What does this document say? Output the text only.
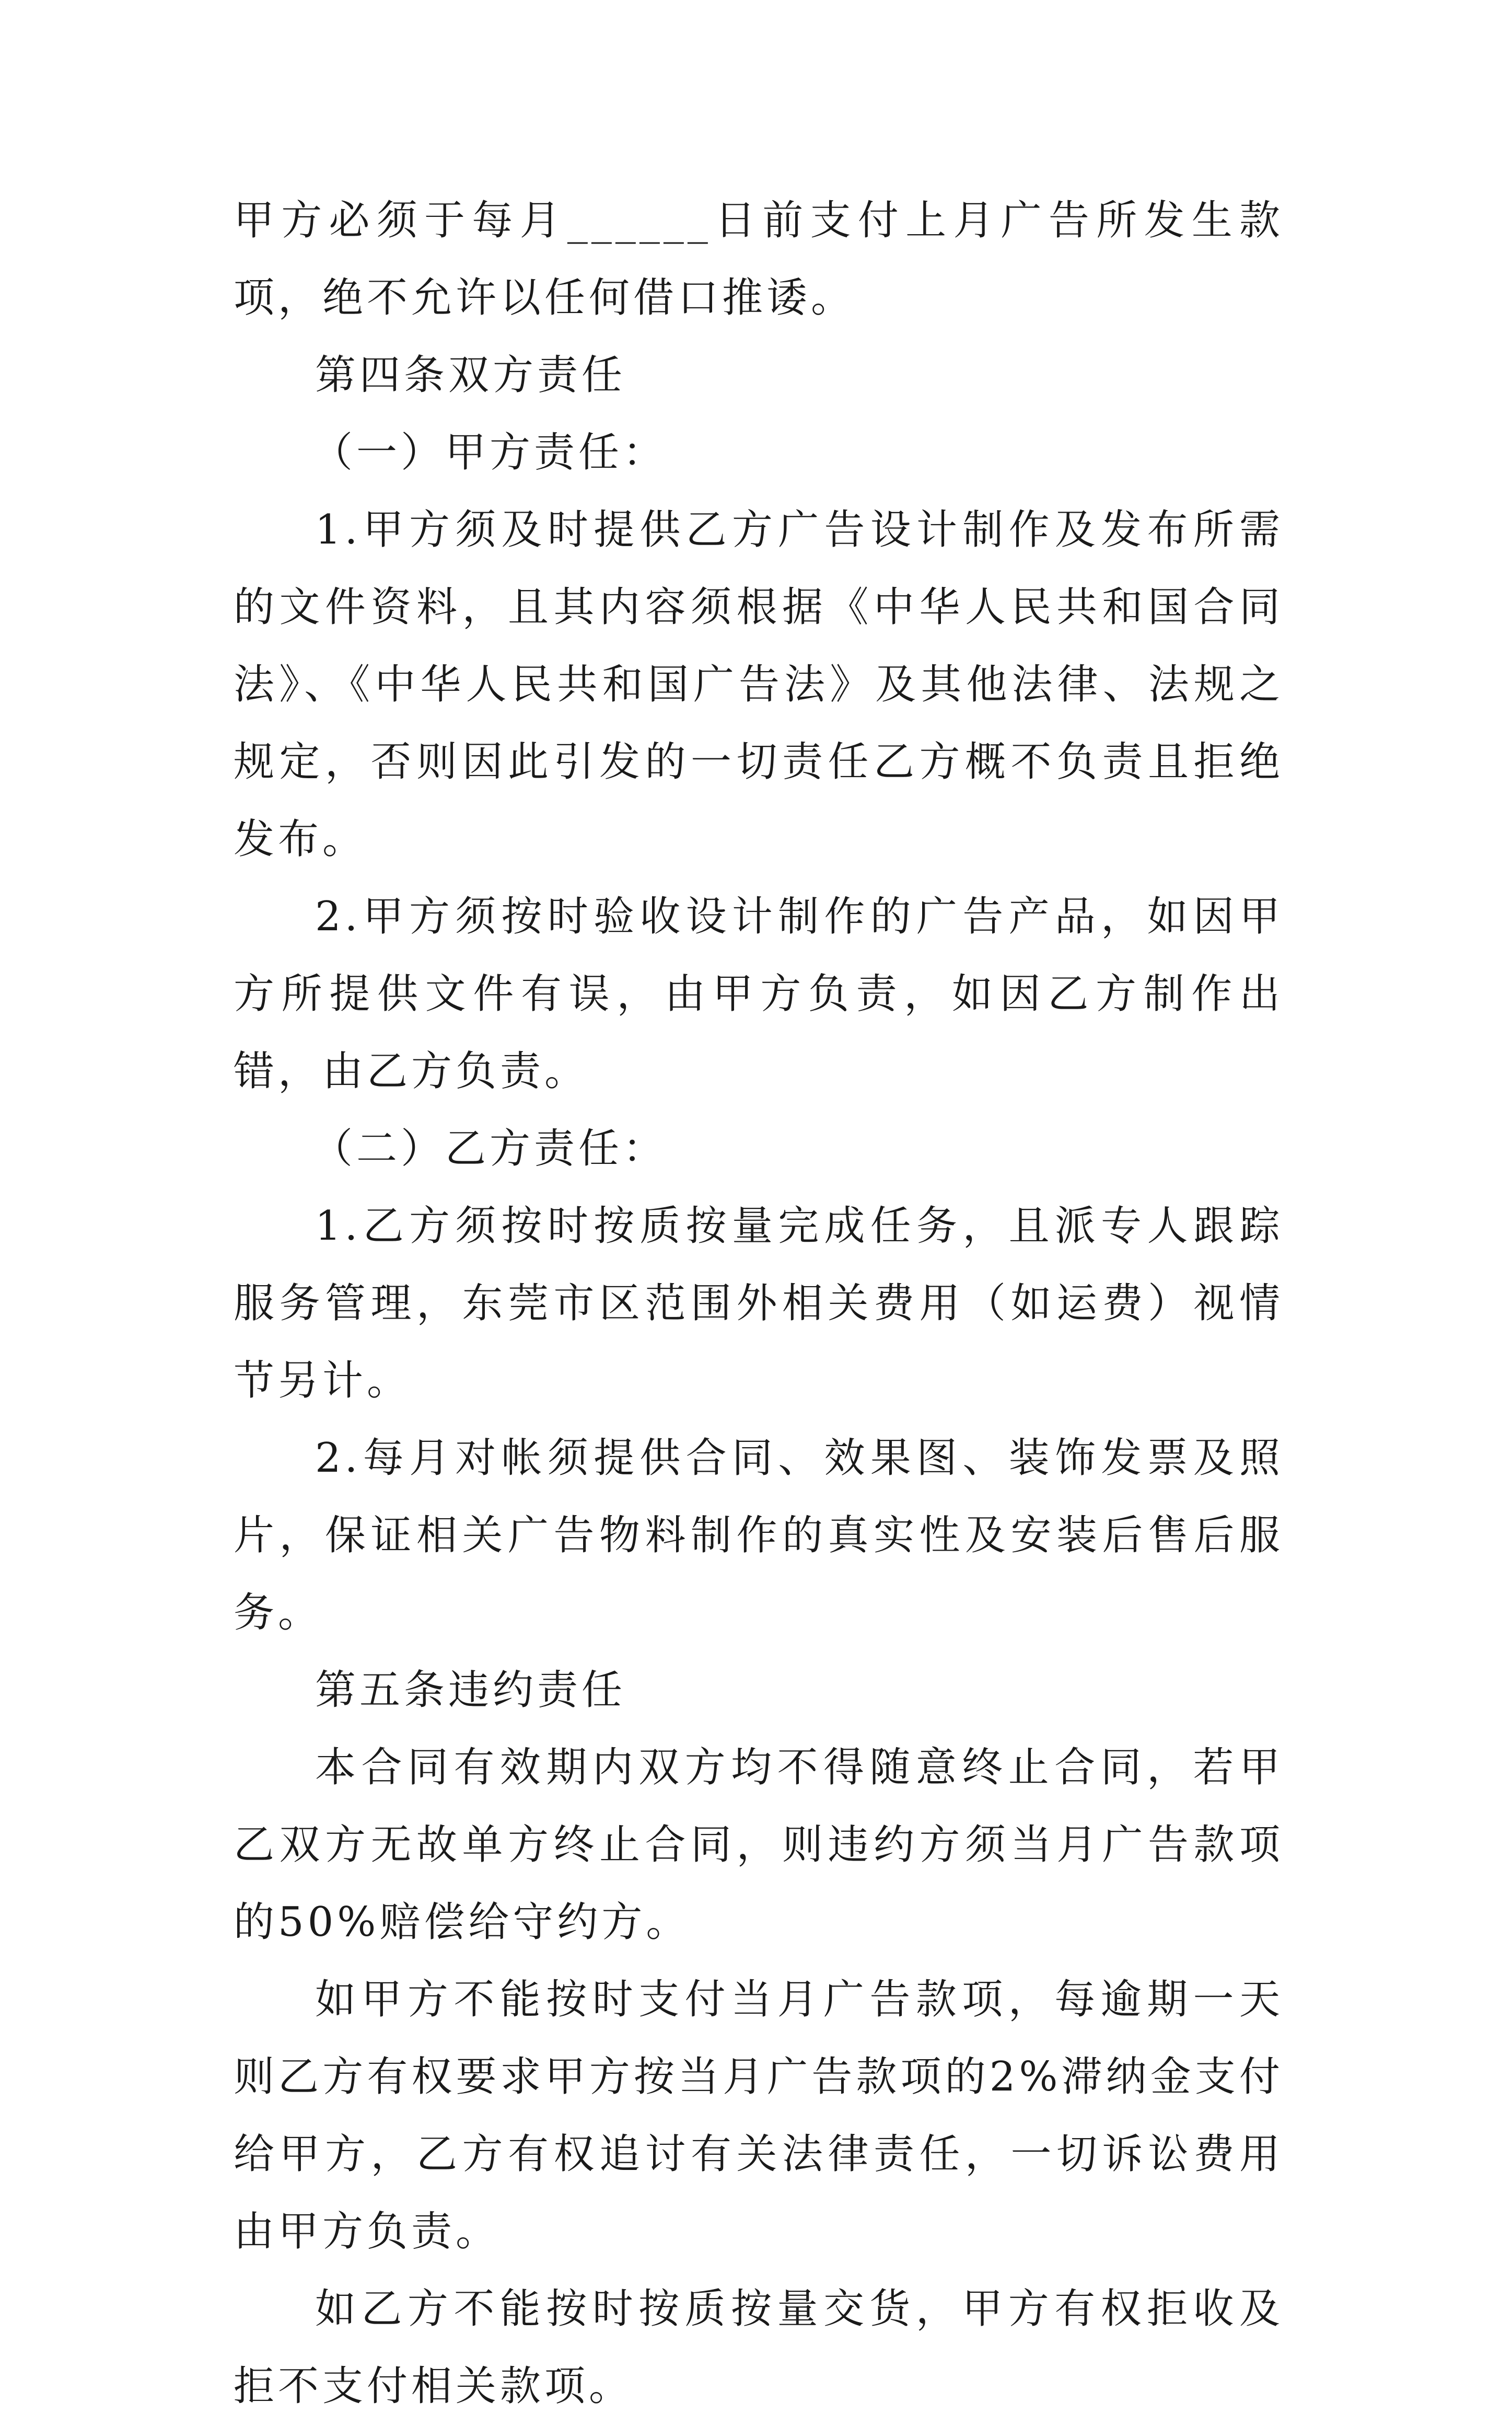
甲方必须于每月______日前支付上月广告所发生款项，绝不允许以任何借口推诿。

第四条双方责任

（一）甲方责任：

1.甲方须及时提供乙方广告设计制作及发布所需的文件资料，且其内容须根据《中华人民共和国合同法》、《中华人民共和国广告法》及其他法律、法规之规定，否则因此引发的一切责任乙方概不负责且拒绝发布。

2.甲方须按时验收设计制作的广告产品，如因甲方所提供文件有误，由甲方负责，如因乙方制作出错，由乙方负责。

（二）乙方责任：

1.乙方须按时按质按量完成任务，且派专人跟踪服务管理，东莞市区范围外相关费用（如运费）视情节另计。

2.每月对帐须提供合同、效果图、装饰发票及照片，保证相关广告物料制作的真实性及安装后售后服务。

第五条违约责任

本合同有效期内双方均不得随意终止合同，若甲乙双方无故单方终止合同，则违约方须当月广告款项的50%赔偿给守约方。

如甲方不能按时支付当月广告款项，每逾期一天则乙方有权要求甲方按当月广告款项的2%滞纳金支付给甲方，乙方有权追讨有关法律责任，一切诉讼费用由甲方负责。

如乙方不能按时按质按量交货，甲方有权拒收及拒不支付相关款项。
